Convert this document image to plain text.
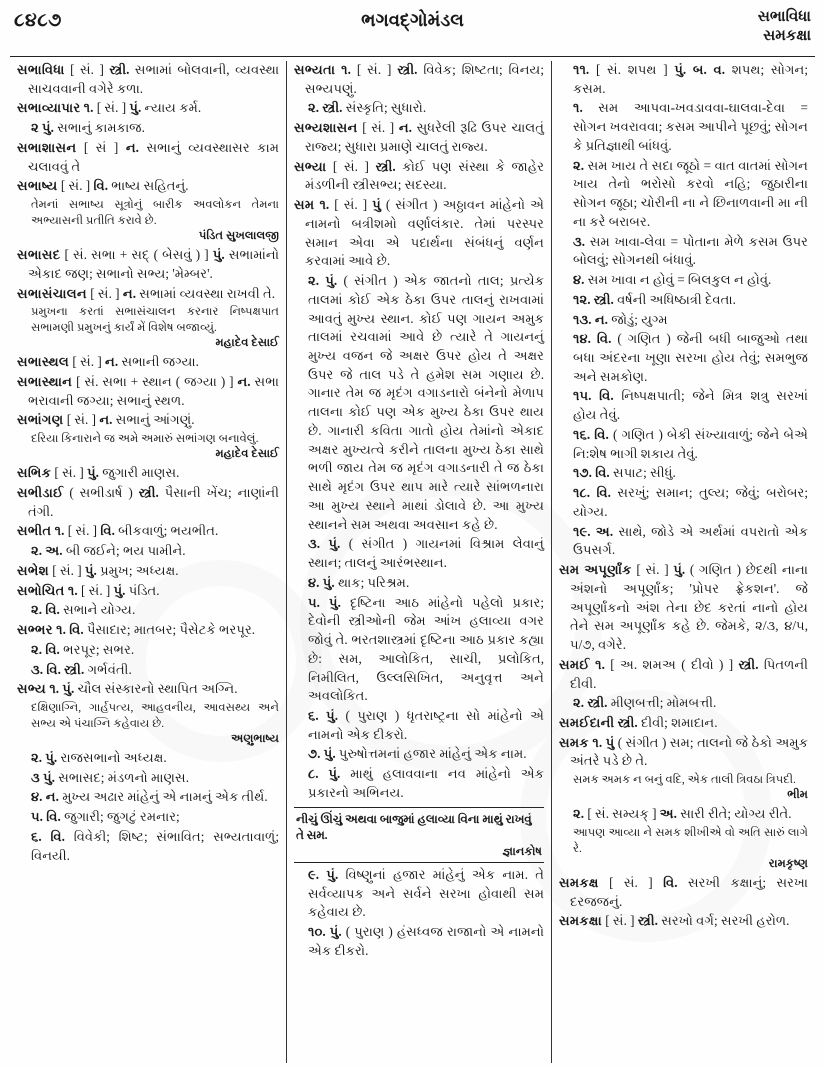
૮૪૮૭	ભગવદ્ગોમંડલ	સભાવિધા
સમકક્ષા

સભાવિધા [ સં. ] સ્ત્રી. સભામાં બોલવાની, વ્યવસ્થા સાચવવાની વગેરે કળા.

સભાવ્યાપાર ૧. [ સં. ] પું. ન્યાય કર્મ.

૨ પું. સભાનું કામકાજ.

સભાશાસન [ સં ] ન. સભાનું વ્યવસ્થાસર કામ ચલાવવું તે

સભાષ્ય [ સં. ] વિ. ભાષ્ય સહિતનું.

તેમનાં સભાષ્ય સૂત્રોનું બારીક અવલોકન તેમના અભ્યાસની પ્રતીતિ કરાવે છે.
પંડિત સુખલાલજી

સભાસદ [ સં. સભા + સદ્ ( બેસવું ) ] પું. સભામાંનો એકાદ જણ; સભાનો સભ્ય; 'મેમ્બર'.

સભાસંચાલન [ સં. ] ન. સભામાં વ્યવસ્થા રાખવી તે.

પ્રમુખના કરતાં સભાસંચાલન કરનાર નિષ્પક્ષપાત સભામણી પ્રમુખનું કાર્યં મેં વિશેષ બજાવ્યું.
મહાદેવ દેસાઈ

સભાસ્થલ [ સં. ] ન. સભાની જગ્યા.

સભાસ્થાન [ સં. સભા + સ્થાન ( જગ્યા ) ] ન. સભા ભરાવાની જગ્યા; સભાનું સ્થળ.

સભાંગણ [ સં. ] ન. સભાનું આંગણું.

દરિયા કિનારાને જ અમે અમારું સભાંગણ બનાવેલું.
મહાદેવ દેસાઈ

સભિક [ સં. ] પું. જુગારી માણસ.

સભીડાઈ ( સભીડાર્ષ ) સ્ત્રી. પૈસાની ખેંચ; નાણાંની તંગી.

સભીત ૧. [ સં. ] વિ. બીકવાળું; ભયભીત.

૨. અ. બી જઈને; ભય પામીને.

સભેશ [ સં. ] પું. પ્રમુખ; અધ્યક્ષ.

સભોચિત ૧. [ સં. ] પું. પંડિત.

૨. વિ. સભાને યોગ્ય.

સભ્ભર ૧. વિ. પૈસાદાર; માતબર; પૈસેટકે ભરપૂર.

૨. વિ. ભરપૂર; સભર.

૩. વિ. સ્ત્રી. ગર્ભવંતી.

સભ્ય ૧. પું. ચૌલ સંસ્કારનો સ્થાપિત અગ્નિ.

દક્ષિણાગ્નિ, ગાર્હપત્ય, આહવનીય, આવસથ્ય અને સભ્ય એ પંચાગ્નિ કહેવાય છે.
અણુભાષ્ય

૨. પું. રાજસભાનો અધ્યક્ષ.

૩ પું. સભાસદ; મંડળનો માણસ.

૪. ન. મુખ્ય અઢાર માંહેનું એ નામનું એક તીર્થ.

૫. વિ. જુગારી; જુગટું રમનાર;

૬. વિ. વિવેકી; શિષ્ટ; સંભાવિત; સભ્યતાવાળું; વિનયી.

સભ્યતા ૧. [ સં. ] સ્ત્રી. વિવેક; શિષ્ટતા; વિનય; સભ્યપણું.

૨. સ્ત્રી. સંસ્કૃતિ; સુધારો.

સભ્યશાસન [ સં. ] ન. સુધરેલી રૂઢિ ઉપર ચાલતું રાજ્ય; સુધારા પ્રમાણે ચાલતું રાજ્ય.

સભ્યા [ સં. ] સ્ત્રી. કોઈ પણ સંસ્થા કે જાહેર મંડળીની સ્ત્રીસભ્ય; સદસ્યા.

સમ ૧. [ સં. ] પું ( સંગીત ) અઠ્ઠાવન માંહેનો એ નામનો બત્રીશમો વર્ણાલંકાર. તેમાં પરસ્પર સમાન એવા એ પદાર્થના સંબંધનું વર્ણન કરવામાં આવે છે.

૨. પું. ( સંગીત ) એક જાતનો તાલ; પ્રત્યેક તાલમાં કોઈ એક ઠેકા ઉપર તાલનું રાખવામાં આવતું મુખ્ય સ્થાન. કોઈ પણ ગાયન અમુક તાલમાં રચવામાં આવે છે ત્યારે તે ગાયનનું મુખ્ય વજન જે અક્ષર ઉપર હોય તે અક્ષર ઉપર જે તાલ પડે તે હમેશ સમ ગણાય છે. ગાનાર તેમ જ મૃદંગ વગાડનારો બંનેનો મેળાપ તાલના કોઈ પણ એક મુખ્ય ઠેકા ઉપર થાય છે. ગાનારી કવિતા ગાતો હોય તેમાંનો એકાદ અક્ષર મુખ્યત્વે કરીને તાલના મુખ્ય ઠેકા સાથે ભળી જાય તેમ જ મૃદંગ વગાડનારી તે જ ઠેકા સાથે મૃદંગ ઉપર થાપ મારે ત્યારે સાંભળનારા આ મુખ્ય સ્થાને માથાં ડોલાવે છે. આ મુખ્ય સ્થાનને સમ અથવા અવસાન કહે છે.

૩. પું. ( સંગીત ) ગાયનમાં વિશ્રામ લેવાનું સ્થાન; તાલનું આરંભસ્થાન.

૪. પું. થાક; પરિશ્રમ.

૫. પું. દૃષ્ટિના આઠ માંહેનો પહેલો પ્રકાર; દેવોની સ્ત્રીઓની જેમ આંખ હલાવ્યા વગર જોવું તે. ભરતશાસ્ત્રમાં દૃષ્ટિના આઠ પ્રકાર કહ્યા છે: સમ, આલોકિત, સાચી, પ્રલોકિત, નિમીલિત, ઉલ્લસિખિત, અનુવૃત્ત અને અવલોકિત.

૬. પું. ( પુરાણ ) ધૃતરાષ્ટ્રના સો માંહેનો એ નામનો એક દીકરો.

૭. પું. પુરુષોત્તમનાં હજાર માંહેનું એક નામ.

૮. પું. માથું હલાવવાના નવ માંહેનો એક પ્રકારનો અભિનય.

નીચું ઊંચું અથવા બાજુમાં હલાવ્યા વિના માથું રાખવું તે સમ.
જ્ઞાનકોષ

૯. પું. વિષ્ણુનાં હજાર માંહેનું એક નામ. તે સર્વવ્યાપક અને સર્વને સરખા હોવાથી સમ કહેવાય છે.

૧૦. પું. ( પુરાણ ) હંસધ્વજ રાજાનો એ નામનો એક દીકરો.

૧૧. [ સં. શપથ ] પું. બ. વ. શપથ; સોગન; કસમ.

૧. સમ આપવા-ખવડાવવા-ઘાલવા-દેવા = સોગન ખવરાવવા; કસમ આપીને પૂછવું; સોગન કે પ્રતિજ્ઞાથી બાંધવું.

૨. સમ ખાય તે સદા જૂઠો = વાત વાતમાં સોગન ખાય તેનો ભરોસો કરવો નહિ; જુઠારીના સોગન જૂઠા; ચોરીની ના ને છિનાળવાની મા ની ના કરે બરાબર.

૩. સમ ખાવા-લેવા = પોતાના મેળે કસમ ઉપર બોલવું; સોગનથી બંધાવું.

૪. સમ ખાવા ન હોવું = બિલકુલ ન હોવું.

૧૨. સ્ત્રી. વર્ષની અધિષ્ઠાત્રી દેવતા.

૧૩. ન. જોડું; યુગ્મ

૧૪. વિ. ( ગણિત ) જેની બધી બાજુઓ તથા બધા અંદરના ખૂણા સરખા હોય તેવું; સમભુજ અને સમકોણ.

૧૫. વિ. નિષ્પક્ષપાતી; જેને મિત્ર શત્રુ સરખાં હોય તેવું.

૧૬. વિ. ( ગણિત ) બેકી સંખ્યાવાળું; જેને બેએ નિ:શેષ ભાગી શકાય તેવું.

૧૭. વિ. સપાટ; સીધું.

૧૮. વિ. સરખું; સમાન; તુલ્ય; જેવું; બરોબર; યોગ્ય.

૧૯. અ. સાથે, જોડે એ અર્થમાં વપરાતો એક ઉપસર્ગ.

સમ અપૂર્ણાંક [ સં. ] પું. ( ગણિત ) છેદથી નાના અંશનો અપૂર્ણાંક; 'પ્રોપર ફ્રેકશન'. જે અપૂર્ણાંકનો અંશ તેના છેદ કરતાં નાનો હોય તેને સમ અપૂર્ણાંક કહે છે. જેમકે, ૨/૩, ૪/૫, ૫/૭, વગેરે.

સમઈ ૧. [ અ. શમઅ ( દીવો ) ] સ્ત્રી. પિતળની દીવી.

૨. સ્ત્રી. મીણબત્તી; મોમબત્તી.

સમઈદાની સ્ત્રી. દીવી; શમાદાન.

સમક ૧. પું ( સંગીત ) સમ; તાલનો જે ઠેકો અમુક અંતરે પડે છે તે.

સમક અમક ન બનું વદિ, એક તાલી ત્રિવઠા ત્રિપદી.
ભીમ

૨. [ સં. સમ્યક્ ] અ. સારી રીતે; યોગ્ય રીતે.

આપણ આવ્યા ને સમક શીખીએ વો અતિ સારું લાગે રે.
રામકૃષ્ણ

સમકક્ષ [ સં. ] વિ. સરખી કક્ષાનું; સરખા દરજજનું.

સમકક્ષા [ સં. ] સ્ત્રી. સરખો વર્ગ; સરખી હરોળ.
